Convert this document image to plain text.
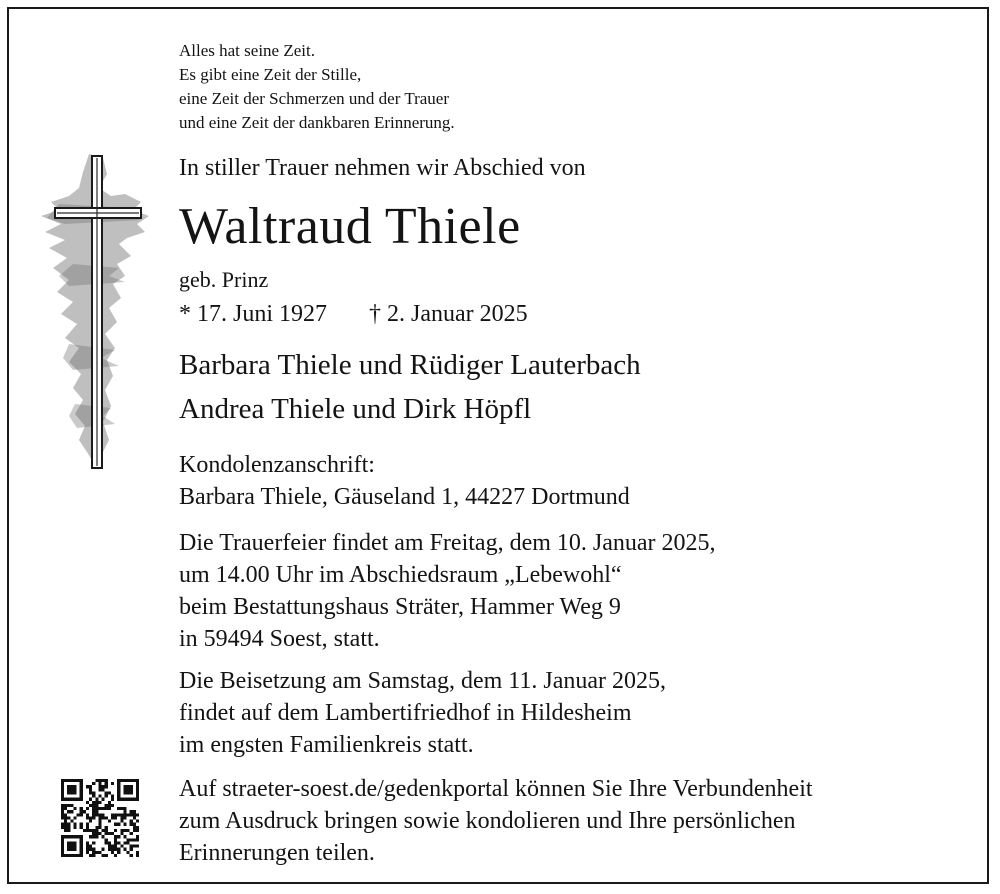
Alles hat seine Zeit.
Es gibt eine Zeit der Stille,
eine Zeit der Schmerzen und der Trauer
und eine Zeit der dankbaren Erinnerung.
In stiller Trauer nehmen wir Abschied von
Waltraud Thiele
geb. Prinz
* 17. Juni 1927 † 2. Januar 2025
Barbara Thiele und Rüdiger Lauterbach
Andrea Thiele und Dirk Höpfl
Kondolenzanschrift:
Barbara Thiele, Gäuseland 1, 44227 Dortmund
Die Trauerfeier findet am Freitag, dem 10. Januar 2025,
um 14.00 Uhr im Abschiedsraum „Lebewohl“
beim Bestattungshaus Sträter, Hammer Weg 9
in 59494 Soest, statt.
Die Beisetzung am Samstag, dem 11. Januar 2025,
findet auf dem Lambertifriedhof in Hildesheim
im engsten Familienkreis statt.
Auf straeter-soest.de/gedenkportal können Sie Ihre Verbundenheit
zum Ausdruck bringen sowie kondolieren und Ihre persönlichen
Erinnerungen teilen.
